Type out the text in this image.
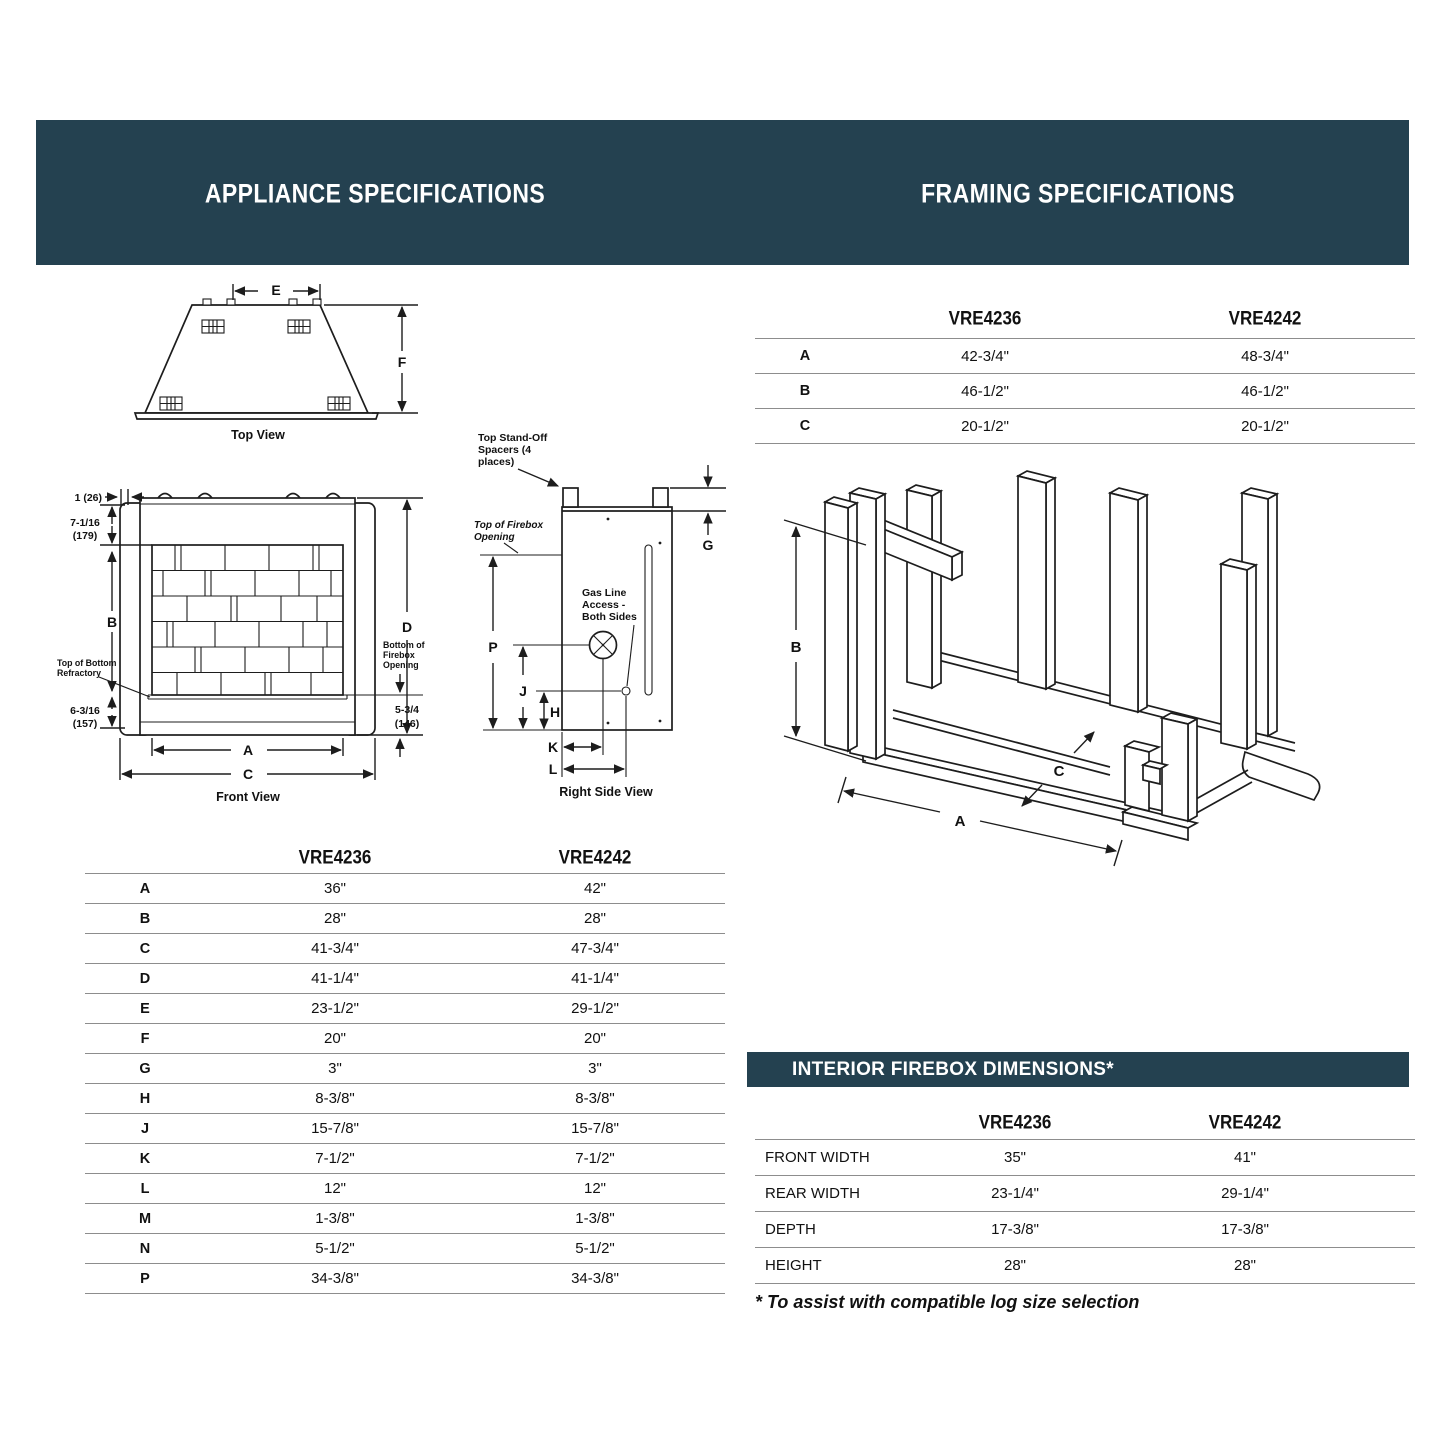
APPLIANCE SPECIFICATIONS	FRAMING SPECIFICATIONS
E
F
Top View
1 (26)
7-1/16
(179)
B
Top of Bottom
Refractory
6-3/16
(157)
D
Bottom of
Firebox
Opening
5-3/4
(146)
A
C
Front View
Top Stand-Off
Spacers (4
places)
Top of Firebox
Opening
Gas Line
Access -
Both Sides
G
P
J
H
K
L
Right Side View
VRE4236	VRE4242
A	42-3/4"	48-3/4"
B	46-1/2"	46-1/2"
C	20-1/2"	20-1/2"
B
A
C
VRE4236	VRE4242
A	36"	42"
B	28"	28"
C	41-3/4"	47-3/4"
D	41-1/4"	41-1/4"
E	23-1/2"	29-1/2"
F	20"	20"
G	3"	3"
H	8-3/8"	8-3/8"
J	15-7/8"	15-7/8"
K	7-1/2"	7-1/2"
L	12"	12"
M	1-3/8"	1-3/8"
N	5-1/2"	5-1/2"
P	34-3/8"	34-3/8"
INTERIOR FIREBOX DIMENSIONS*
VRE4236	VRE4242
FRONT WIDTH	35"	41"
REAR WIDTH	23-1/4"	29-1/4"
DEPTH	17-3/8"	17-3/8"
HEIGHT	28"	28"
* To assist with compatible log size selection
